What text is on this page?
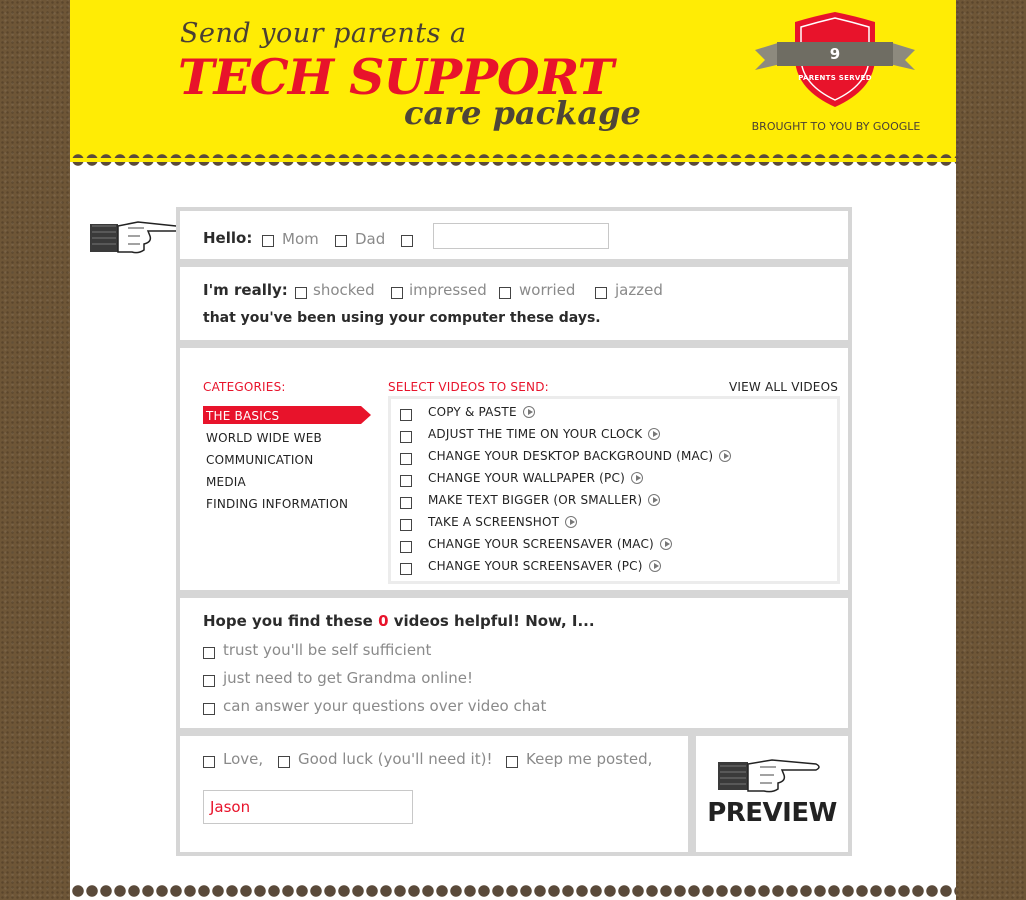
Send your parents a
TECH SUPPORT
care package
9
PARENTS SERVED
BROUGHT TO YOU BY GOOGLE
Hello: Mom Dad
I'm really: shocked impressed worried	jazzed
that you've been using your computer these days.
CATEGORIES:
THE BASICS
WORLD WIDE WEB
COMMUNICATION
MEDIA
FINDING INFORMATION
SELECT VIDEOS TO SEND:	VIEW ALL VIDEOS
COPY & PASTE
ADJUST THE TIME ON YOUR CLOCK
CHANGE YOUR DESKTOP BACKGROUND (MAC)
CHANGE YOUR WALLPAPER (PC)
MAKE TEXT BIGGER (OR SMALLER)
TAKE A SCREENSHOT
CHANGE YOUR SCREENSAVER (MAC)
CHANGE YOUR SCREENSAVER (PC)
Hope you find these 0 videos helpful! Now, I...
trust you'll be self sufficient
just need to get Grandma online!
can answer your questions over video chat
Love, Good luck (you'll need it)! Keep me posted,
Jason	PREVIEW
